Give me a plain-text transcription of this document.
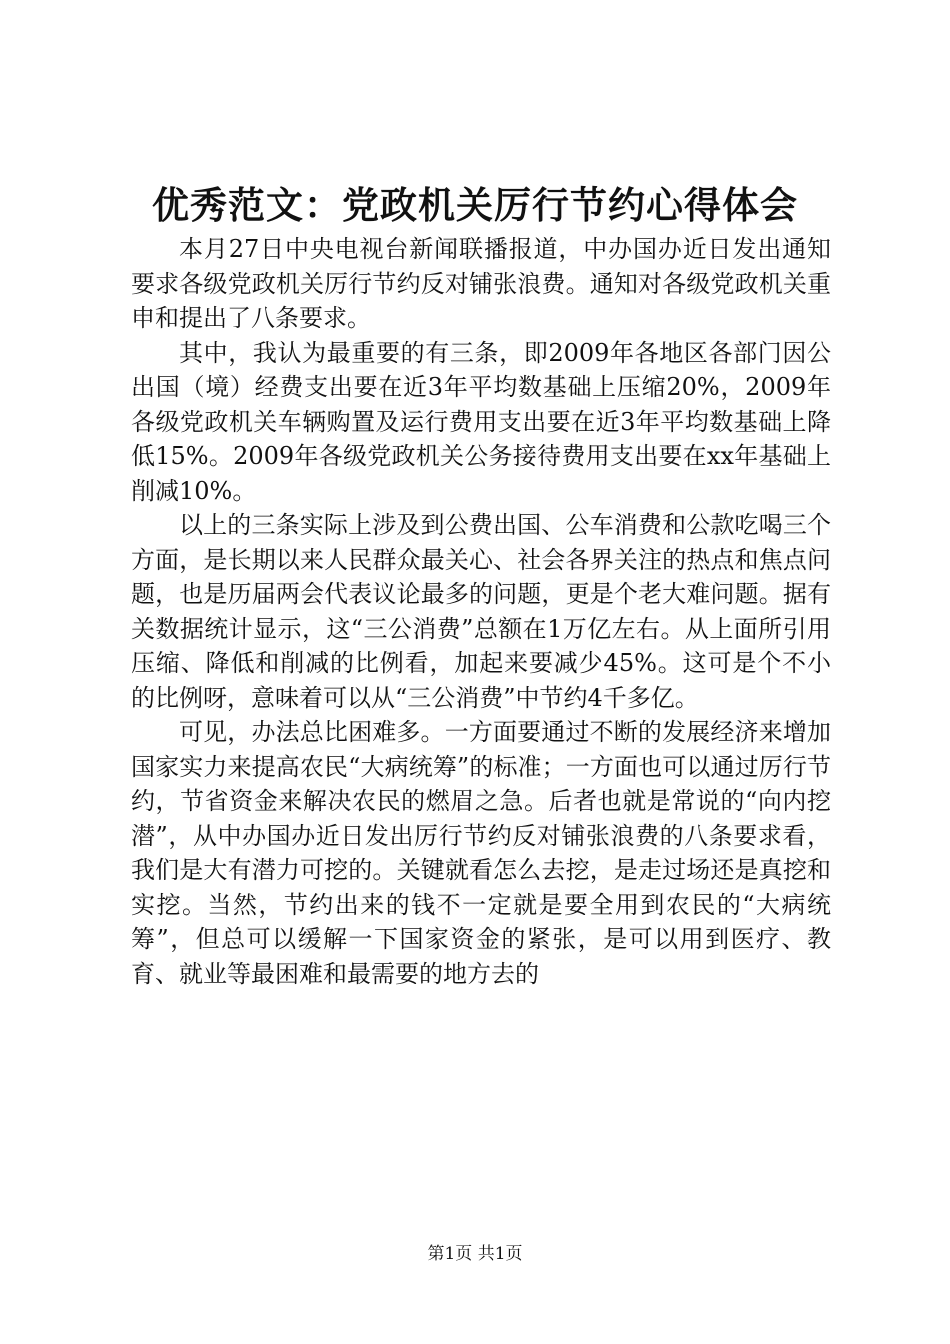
优秀范文：党政机关厉行节约心得体会

本月27日中央电视台新闻联播报道，中办国办近日发出通知要求各级党政机关厉行节约反对铺张浪费。通知对各级党政机关重申和提出了八条要求。

其中，我认为最重要的有三条，即2009年各地区各部门因公出国（境）经费支出要在近3年平均数基础上压缩20%，2009年各级党政机关车辆购置及运行费用支出要在近3年平均数基础上降低15%。2009年各级党政机关公务接待费用支出要在xx年基础上削减10%。

以上的三条实际上涉及到公费出国、公车消费和公款吃喝三个方面，是长期以来人民群众最关心、社会各界关注的热点和焦点问题，也是历届两会代表议论最多的问题，更是个老大难问题。据有关数据统计显示，这“三公消费”总额在1万亿左右。从上面所引用压缩、降低和削减的比例看，加起来要减少45%。这可是个不小的比例呀，意味着可以从“三公消费”中节约4千多亿。

可见，办法总比困难多。一方面要通过不断的发展经济来增加国家实力来提高农民“大病统筹”的标准；一方面也可以通过厉行节约，节省资金来解决农民的燃眉之急。后者也就是常说的“向内挖潜”，从中办国办近日发出厉行节约反对铺张浪费的八条要求看，我们是大有潜力可挖的。关键就看怎么去挖，是走过场还是真挖和实挖。当然，节约出来的钱不一定就是要全用到农民的“大病统筹”，但总可以缓解一下国家资金的紧张，是可以用到医疗、教育、就业等最困难和最需要的地方去的

第1页 共1页
